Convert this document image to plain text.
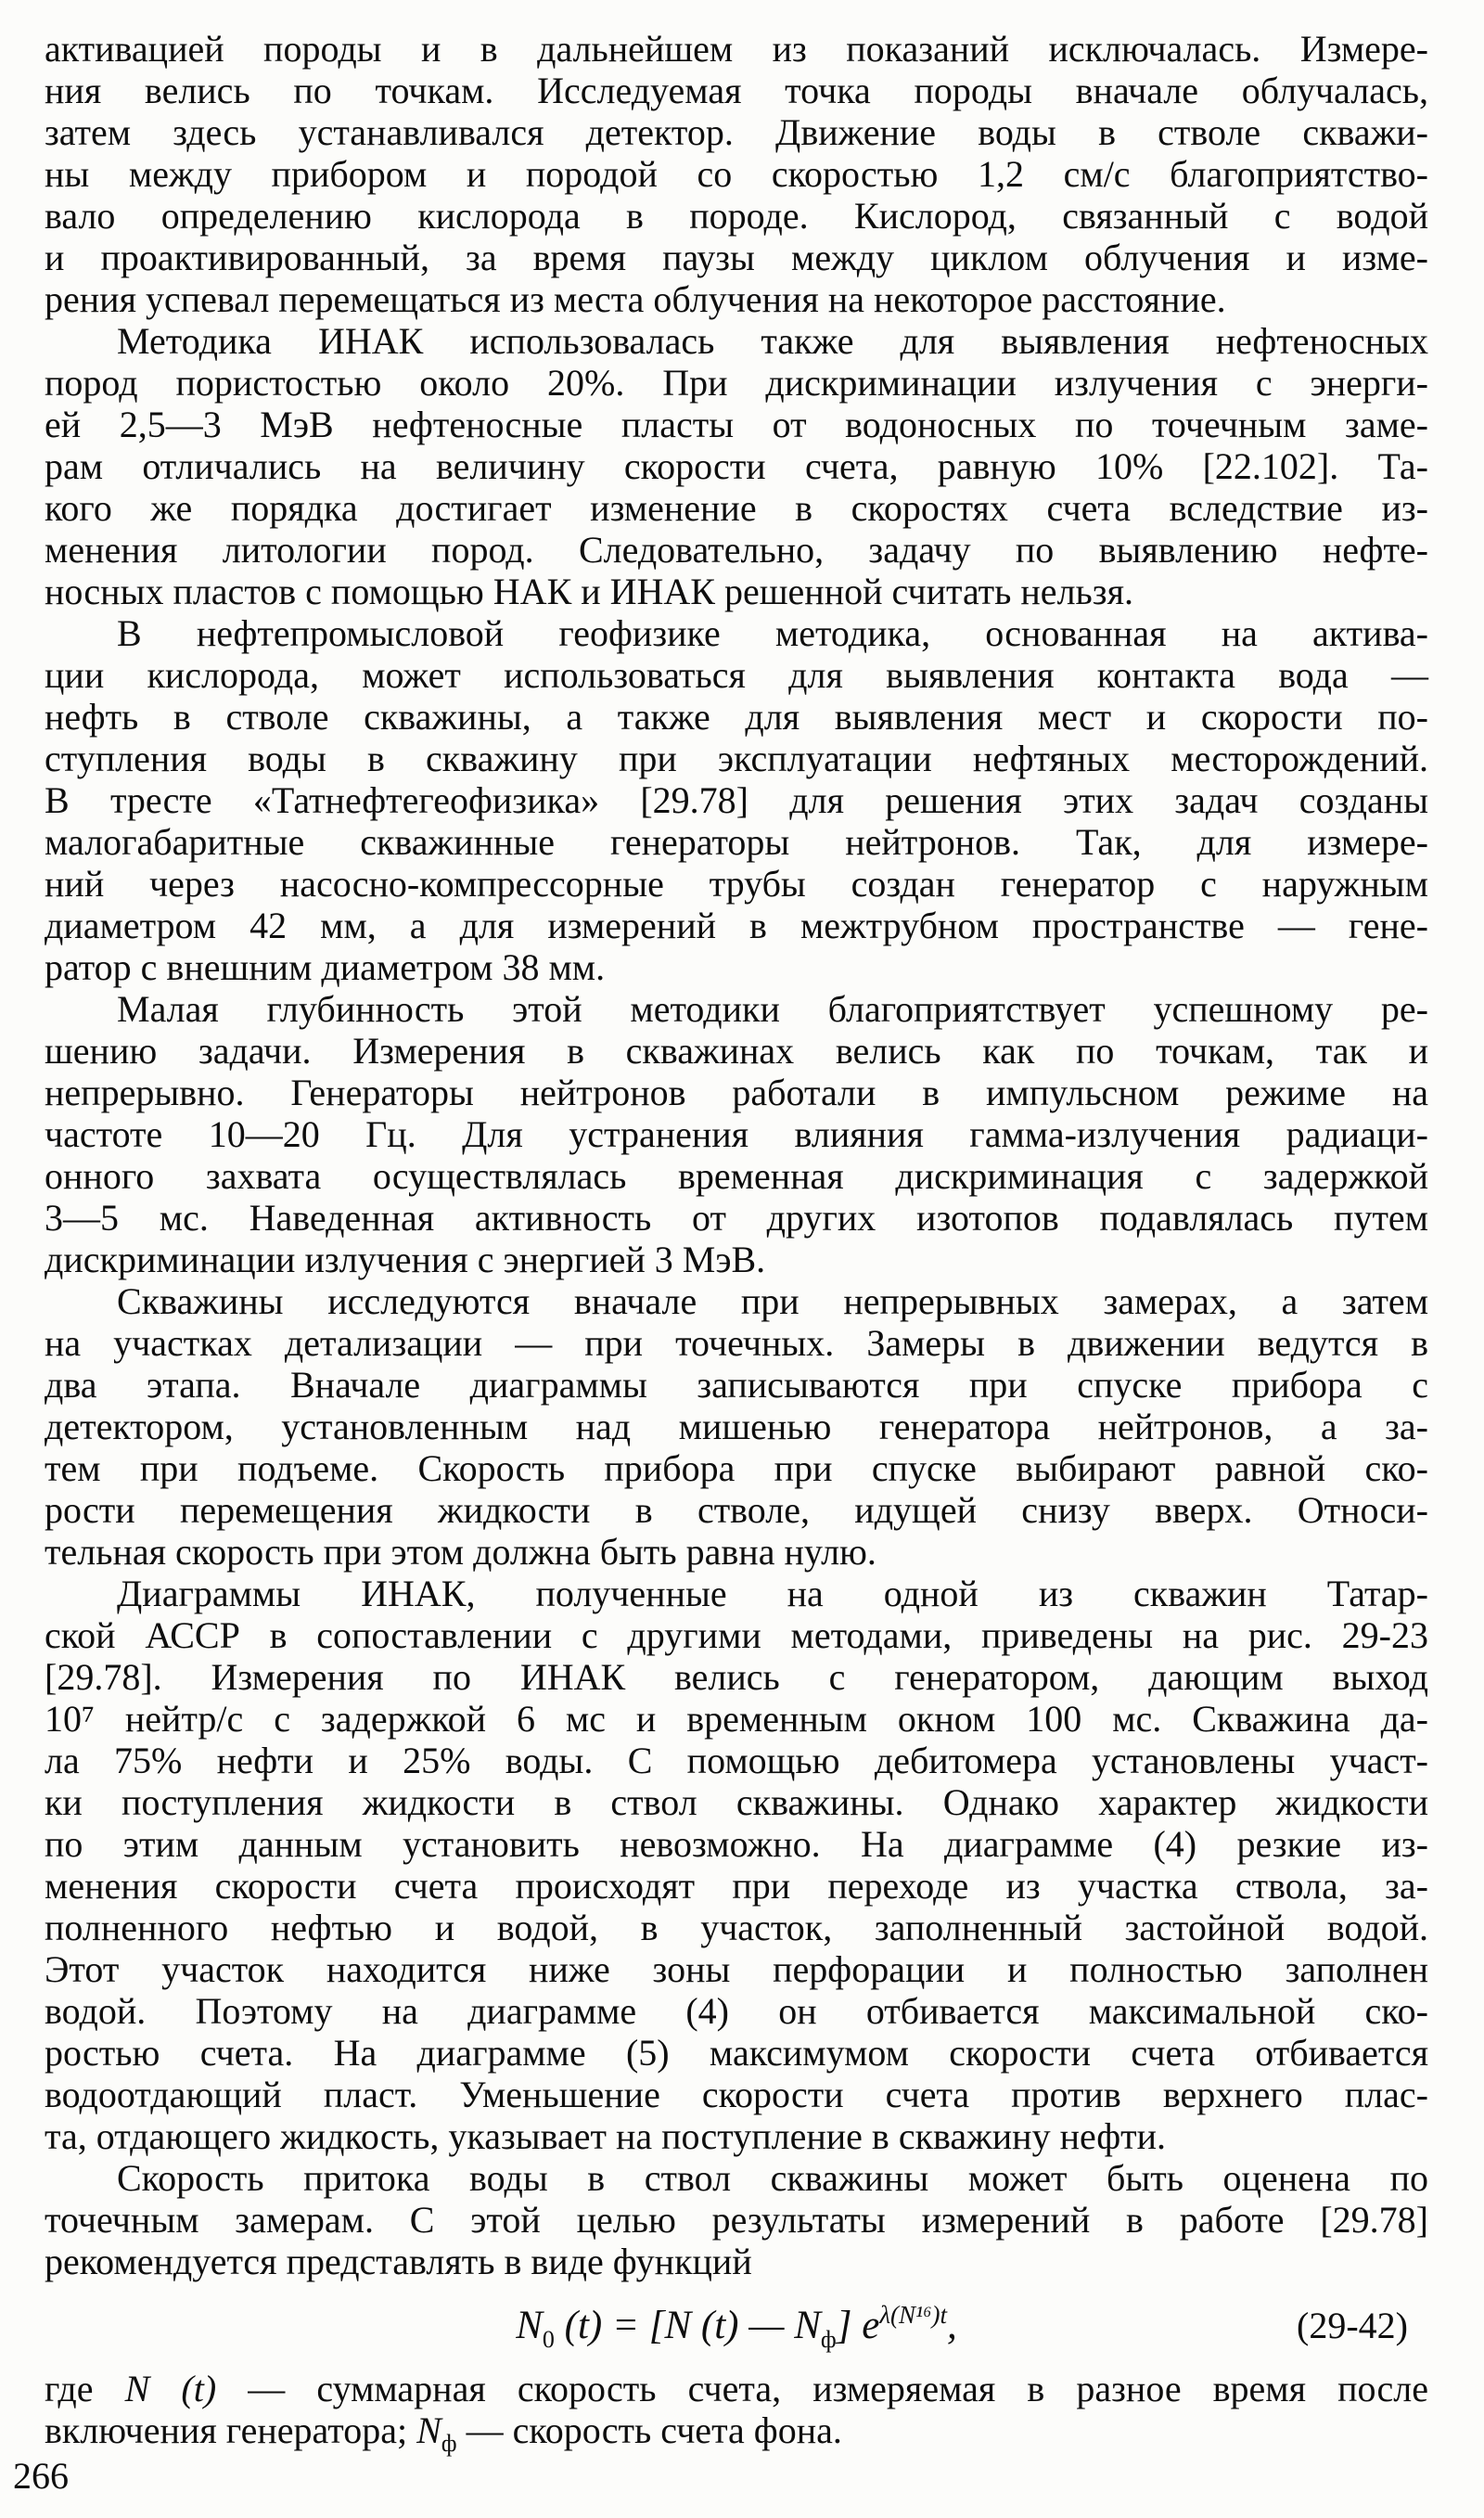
активацией породы и в дальнейшем из показаний исключалась. Измере-
ния велись по точкам. Исследуемая точка породы вначале облучалась,
затем здесь устанавливался детектор. Движение воды в стволе скважи-
ны между прибором и породой со скоростью 1,2 см/с благоприятство-
вало определению кислорода в породе. Кислород, связанный с водой
и проактивированный, за время паузы между циклом облучения и изме-
рения успевал перемещаться из места облучения на некоторое расстояние.
Методика ИНАК использовалась также для выявления нефтеносных
пород пористостью около 20%. При дискриминации излучения с энерги-
ей 2,5—3 МэВ нефтеносные пласты от водоносных по точечным заме-
рам отличались на величину скорости счета, равную 10% [22.102]. Та-
кого же порядка достигает изменение в скоростях счета вследствие из-
менения литологии пород. Следовательно, задачу по выявлению нефте-
носных пластов с помощью НАК и ИНАК решенной считать нельзя.
В нефтепромысловой геофизике методика, основанная на актива-
ции кислорода, может использоваться для выявления контакта вода —
нефть в стволе скважины, а также для выявления мест и скорости по-
ступления воды в скважину при эксплуатации нефтяных месторождений.
В тресте «Татнефтегеофизика» [29.78] для решения этих задач созданы
малогабаритные скважинные генераторы нейтронов. Так, для измере-
ний через насосно-компрессорные трубы создан генератор с наружным
диаметром 42 мм, а для измерений в межтрубном пространстве — гене-
ратор с внешним диаметром 38 мм.
Малая глубинность этой методики благоприятствует успешному ре-
шению задачи. Измерения в скважинах велись как по точкам, так и
непрерывно. Генераторы нейтронов работали в импульсном режиме на
частоте 10—20 Гц. Для устранения влияния гамма-излучения радиаци-
онного захвата осуществлялась временная дискриминация с задержкой
3—5 мс. Наведенная активность от других изотопов подавлялась путем
дискриминации излучения с энергией 3 МэВ.
Скважины исследуются вначале при непрерывных замерах, а затем
на участках детализации — при точечных. Замеры в движении ведутся в
два этапа. Вначале диаграммы записываются при спуске прибора с
детектором, установленным над мишенью генератора нейтронов, а за-
тем при подъеме. Скорость прибора при спуске выбирают равной ско-
рости перемещения жидкости в стволе, идущей снизу вверх. Относи-
тельная скорость при этом должна быть равна нулю.
Диаграммы ИНАК, полученные на одной из скважин Татар-
ской АССР в сопоставлении с другими методами, приведены на рис. 29-23
[29.78]. Измерения по ИНАК велись с генератором, дающим выход
10⁷ нейтр/с с задержкой 6 мс и временным окном 100 мс. Скважина да-
ла 75% нефти и 25% воды. С помощью дебитомера установлены участ-
ки поступления жидкости в ствол скважины. Однако характер жидкости
по этим данным установить невозможно. На диаграмме (4) резкие из-
менения скорости счета происходят при переходе из участка ствола, за-
полненного нефтью и водой, в участок, заполненный застойной водой.
Этот участок находится ниже зоны перфорации и полностью заполнен
водой. Поэтому на диаграмме (4) он отбивается максимальной ско-
ростью счета. На диаграмме (5) максимумом скорости счета отбивается
водоотдающий пласт. Уменьшение скорости счета против верхнего плас-
та, отдающего жидкость, указывает на поступление в скважину нефти.
Скорость притока воды в ствол скважины может быть оценена по
точечным замерам. С этой целью результаты измерений в работе [29.78]
рекомендуется представлять в виде функций
$N_0$ (t) = [N (t) — $N_ф$] $e^{\lambda(N^{16})t}$,	(29-42)
где N (t) — суммарная скорость счета, измеряемая в разное время после
включения генератора; $N_ф$ — скорость счета фона.
266
